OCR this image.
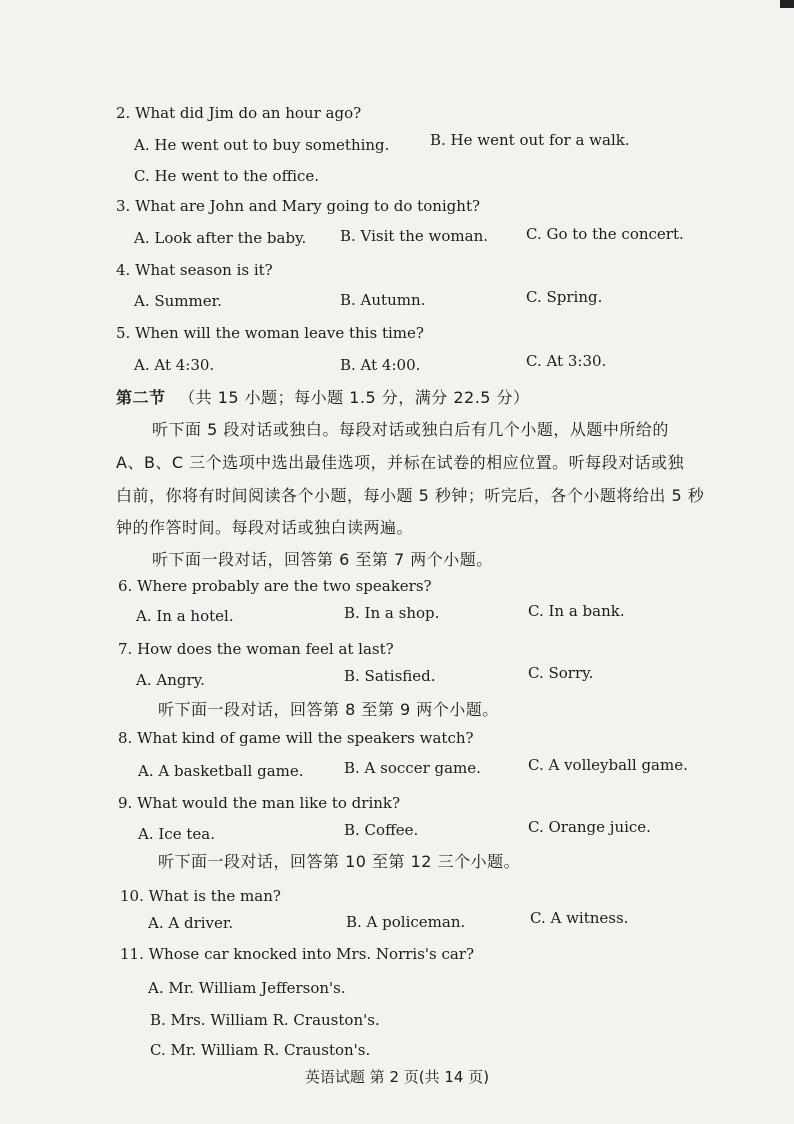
2. What did Jim do an hour ago?
A. He went out to buy something.	B. He went out for a walk.
C. He went to the office.
3. What are John and Mary going to do tonight?
A. Look after the baby. B. Visit the woman.	C. Go to the concert.
4. What season is it?
A. Summer.	B. Autumn.	C. Spring.
5. When will the woman leave this time?
A. At 4:30.	B. At 4:00.	C. At 3:30.
第二节 （共 15 小题；每小题 1.5 分，满分 22.5 分）
听下面 5 段对话或独白。每段对话或独白后有几个小题，从题中所给的
A、B、C 三个选项中选出最佳选项，并标在试卷的相应位置。听每段对话或独
白前，你将有时间阅读各个小题，每小题 5 秒钟；听完后，各个小题将给出 5 秒
钟的作答时间。每段对话或独白读两遍。
听下面一段对话，回答第 6 至第 7 两个小题。
6. Where probably are the two speakers?
A. In a hotel.	B. In a shop.	C. In a bank.
7. How does the woman feel at last?
A. Angry.	B. Satisfied.	C. Sorry.
听下面一段对话，回答第 8 至第 9 两个小题。
8. What kind of game will the speakers watch?
A. A basketball game.	B. A soccer game.	C. A volleyball game.
9. What would the man like to drink?
A. Ice tea.	B. Coffee.	C. Orange juice.
听下面一段对话，回答第 10 至第 12 三个小题。
10. What is the man?
A. A driver.	B. A policeman.	C. A witness.
11. Whose car knocked into Mrs. Norris's car?
A. Mr. William Jefferson's.
B. Mrs. William R. Crauston's.
C. Mr. William R. Crauston's.
英语试题 第 2 页(共 14 页)
